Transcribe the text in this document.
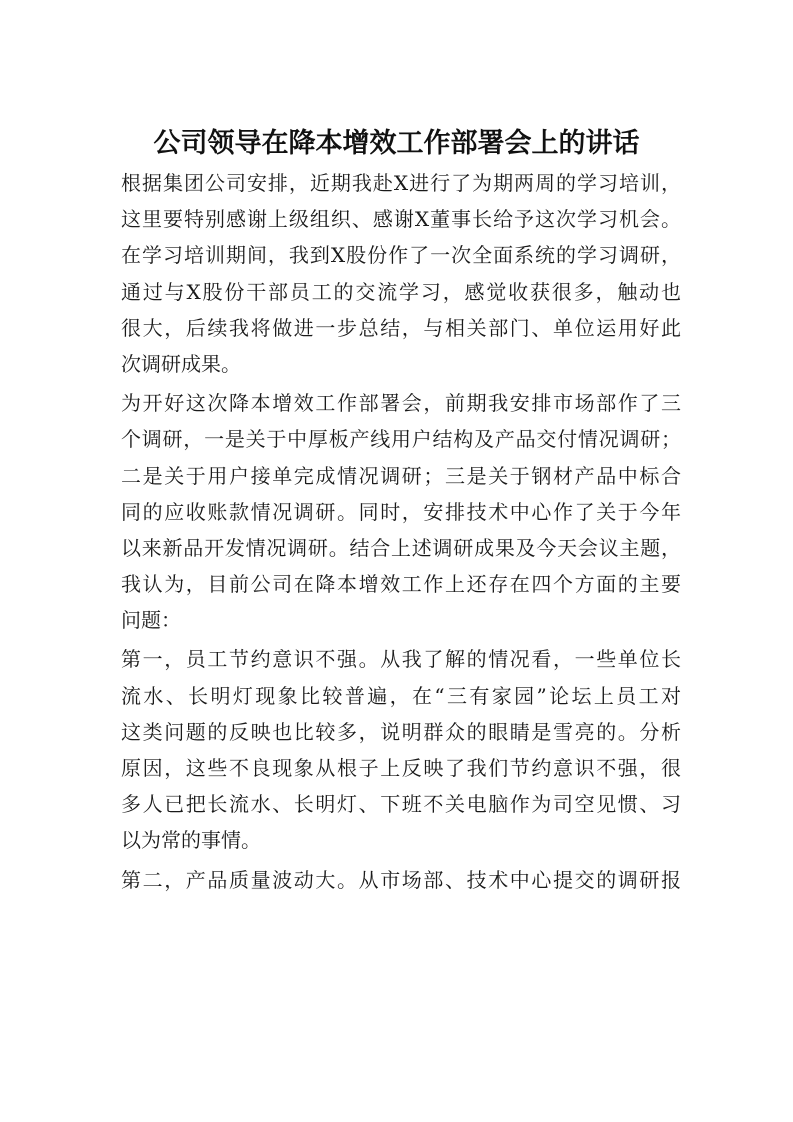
公司领导在降本增效工作部署会上的讲话
根据集团公司安排，近期我赴X进行了为期两周的学习培训，
这里要特别感谢上级组织、感谢X董事长给予这次学习机会。
在学习培训期间，我到X股份作了一次全面系统的学习调研，
通过与X股份干部员工的交流学习，感觉收获很多，触动也
很大，后续我将做进一步总结，与相关部门、单位运用好此
次调研成果。
为开好这次降本增效工作部署会，前期我安排市场部作了三
个调研，一是关于中厚板产线用户结构及产品交付情况调研；
二是关于用户接单完成情况调研；三是关于钢材产品中标合
同的应收账款情况调研。同时，安排技术中心作了关于今年
以来新品开发情况调研。结合上述调研成果及今天会议主题，
我认为，目前公司在降本增效工作上还存在四个方面的主要
问题：
第一，员工节约意识不强。从我了解的情况看，一些单位长
流水、长明灯现象比较普遍，在“三有家园”论坛上员工对
这类问题的反映也比较多，说明群众的眼睛是雪亮的。分析
原因，这些不良现象从根子上反映了我们节约意识不强，很
多人已把长流水、长明灯、下班不关电脑作为司空见惯、习
以为常的事情。
第二，产品质量波动大。从市场部、技术中心提交的调研报
